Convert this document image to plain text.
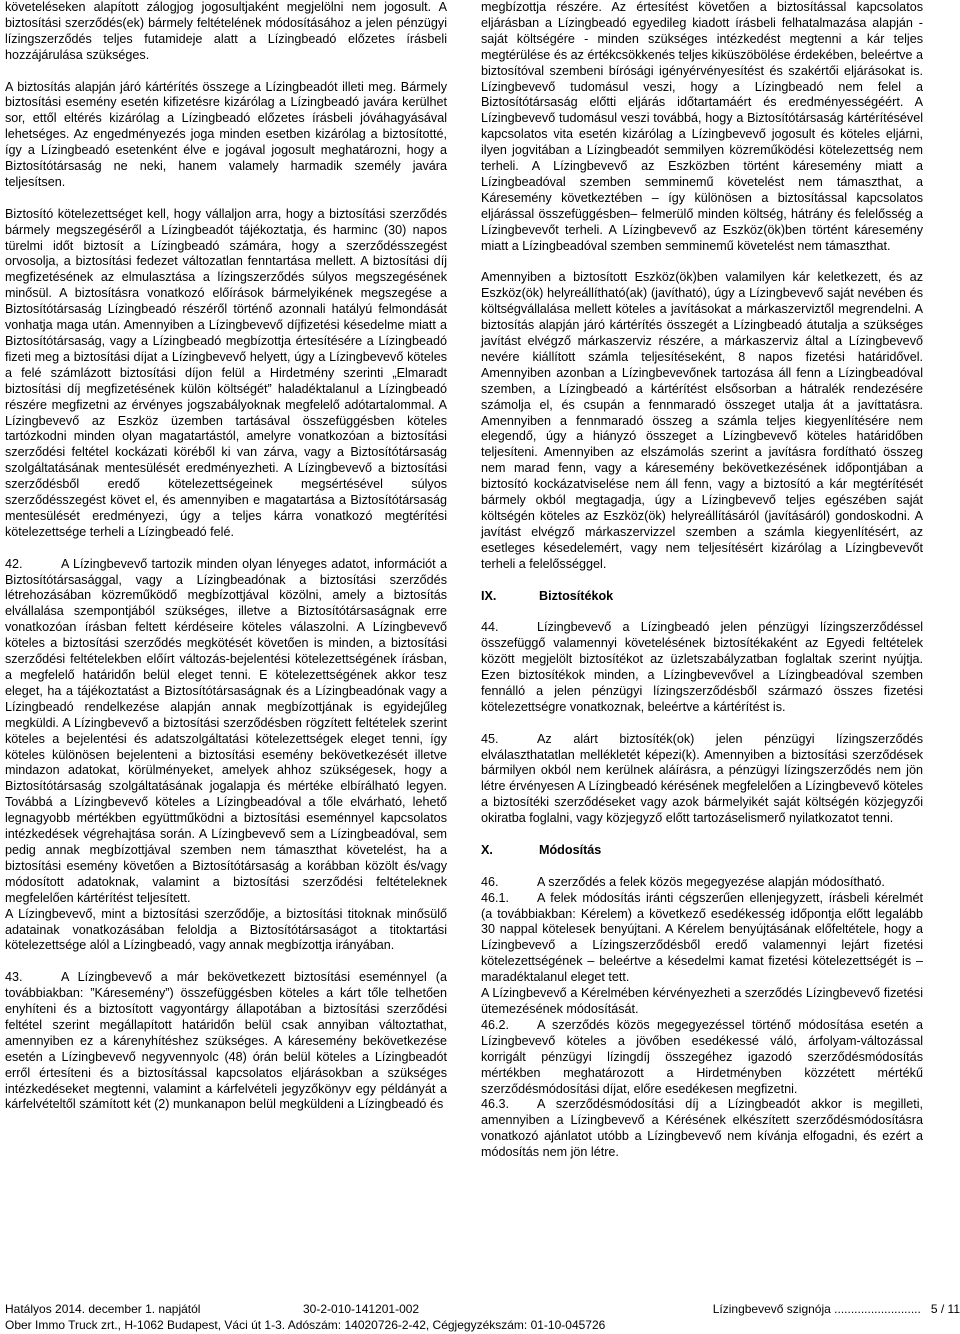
követeléseken alapított zálogjog jogosultjaként megjelölni nem jogosult. A biztosítási szerződés(ek) bármely feltételének módosításához a jelen pénzügyi lízingszerződés teljes futamideje alatt a Lízingbeadó előzetes írásbeli hozzájárulása szükséges.

A biztosítás alapján járó kártérítés összege a Lízingbeadót illeti meg. Bármely biztosítási esemény esetén kifizetésre kizárólag a Lízingbeadó javára kerülhet sor, ettől eltérés kizárólag a Lízingbeadó előzetes írásbeli jóváhagyásával lehetséges. Az engedményezés joga minden esetben kizárólag a biztosítotté, így a Lízingbeadó esetenként élve e jogával jogosult meghatározni, hogy a Biztosítótársaság ne neki, hanem valamely harmadik személy javára teljesítsen.

Biztosító kötelezettséget kell, hogy vállaljon arra, hogy a biztosítási szerződés bármely megszegéséről a Lízingbeadót tájékoztatja, és harminc (30) napos türelmi időt biztosít a Lízingbeadó számára, hogy a szerződésszegést orvosolja, a biztosítási fedezet változatlan fenntartása mellett. A biztosítási díj megfizetésének az elmulasztása a lízingszerződés súlyos megszegésének minősül. A biztosításra vonatkozó előírások bármelyikének megszegése a Biztosítótársaság Lízingbeadó részéről történő azonnali hatályú felmondását vonhatja maga után. Amennyiben a Lízingbevevő díjfizetési késedelme miatt a Biztosítótársaság, vagy a Lízingbeadó megbízottja értesítésére a Lízingbeadó fizeti meg a biztosítási díjat a Lízingbevevő helyett, úgy a Lízingbevevő köteles a felé számlázott biztosítási díjon felül a Hirdetmény szerinti „Elmaradt biztosítási díj megfizetésének külön költségét” haladéktalanul a Lízingbeadó részére megfizetni az érvényes jogszabályoknak megfelelő adótartalommal. A Lízingbevevő az Eszköz üzemben tartásával összefüggésben köteles tartózkodni minden olyan magatartástól, amelyre vonatkozóan a biztosítási szerződési feltétel kockázati köréből ki van zárva, vagy a Biztosítótársaság szolgáltatásának mentesülését eredményezheti. A Lízingbevevő a biztosítási szerződésből eredő kötelezettségeinek megsértésével súlyos szerződésszegést követ el, és amennyiben e magatartása a Biztosítótársaság mentesülését eredményezi, úgy a teljes kárra vonatkozó megtérítési kötelezettsége terheli a Lízingbeadó felé.

42.	A Lízingbevevő tartozik minden olyan lényeges adatot, információt a Biztosítótársasággal, vagy a Lízingbeadónak a biztosítási szerződés létrehozásában közreműködő megbízottjával közölni, amely a biztosítás elvállalása szempontjából szükséges, illetve a Biztosítótársaságnak erre vonatkozóan írásban feltett kérdéseire köteles válaszolni. A Lízingbevevő köteles a biztosítási szerződés megkötését követően is minden, a biztosítási szerződési feltételekben előírt változás-bejelentési kötelezettségének írásban, a megfelelő határidőn belül eleget tenni. E kötelezettségének akkor tesz eleget, ha a tájékoztatást a Biztosítótársaságnak és a Lízingbeadónak vagy a Lízingbeadó rendelkezése alapján annak megbízottjának is egyidejűleg megküldi. A Lízingbevevő a biztosítási szerződésben rögzített feltételek szerint köteles a bejelentési és adatszolgáltatási kötelezettségek eleget tenni, így köteles különösen bejelenteni a biztosítási esemény bekövetkezését illetve mindazon adatokat, körülményeket, amelyek ahhoz szükségesek, hogy a Biztosítótársaság szolgáltatásának jogalapja és mértéke elbírálható legyen. Továbbá a Lízingbevevő köteles a Lízingbeadóval a tőle elvárható, lehető legnagyobb mértékben együttműködni a biztosítási eseménnyel kapcsolatos intézkedések végrehajtása során. A Lízingbevevő sem a Lízingbeadóval, sem pedig annak megbízottjával szemben nem támaszthat követelést, ha a biztosítási esemény követően a Biztosítótársaság a korábban közölt és/vagy módosított adatoknak, valamint a biztosítási szerződési feltételeknek megfelelően kártérítést teljesített.

A Lízingbevevő, mint a biztosítási szerződője, a biztosítási titoknak minősülő adatainak vonatkozásában feloldja a Biztosítótársaságot a titoktartási kötelezettsége alól a Lízingbeadó, vagy annak megbízottja irányában.

43.	A Lízingbevevő a már bekövetkezett biztosítási eseménnyel (a továbbiakban: ”Káresemény”) összefüggésben köteles a kárt tőle telhetően enyhíteni és a biztosított vagyontárgy állapotában a biztosítási szerződési feltétel szerint megállapított határidőn belül csak annyiban változtathat, amennyiben ez a kárenyhítéshez szükséges. A káresemény bekövetkezése esetén a Lízingbevevő negyvennyolc (48) órán belül köteles a Lízingbeadót erről értesíteni és a biztosítással kapcsolatos eljárásokban a szükséges intézkedéseket megtenni, valamint a kárfelvételi jegyzőkönyv egy példányát a kárfelvételtől számított két (2) munkanapon belül megküldeni a Lízingbeadó és

megbízottja részére. Az értesítést követően a biztosítással kapcsolatos eljárásban a Lízingbeadó egyedileg kiadott írásbeli felhatalmazása alapján - saját költségére - minden szükséges intézkedést megtenni a kár teljes megtérülése és az értékcsökkenés teljes kiküszöbölése érdekében, beleértve a biztosítóval szembeni bírósági igényérvényesítést és szakértői eljárásokat is. Lízingbevevő tudomásul veszi, hogy a Lízingbeadó nem felel a Biztosítótársaság előtti eljárás időtartamáért és eredményességéért. A Lízingbevevő tudomásul veszi továbbá, hogy a Biztosítótársaság kártérítésével kapcsolatos vita esetén kizárólag a Lízingbevevő jogosult és köteles eljárni, ilyen jogvitában a Lízingbeadót semmilyen közreműködési kötelezettség nem terheli. A Lízingbevevő az Eszközben történt káresemény miatt a Lízingbeadóval szemben semminemű követelést nem támaszthat, a Káresemény következtében – így különösen a biztosítással kapcsolatos eljárással összefüggésben– felmerülő minden költség, hátrány és felelősség a Lízingbevevőt terheli. A Lízingbevevő az Eszköz(ök)ben történt káresemény miatt a Lízingbeadóval szemben semminemű követelést nem támaszthat.

Amennyiben a biztosított Eszköz(ök)ben valamilyen kár keletkezett, és az Eszköz(ök) helyreállítható(ak) (javítható), úgy a Lízingbevevő saját nevében és költségvállalása mellett köteles a javításokat a márkaszerviztől megrendelni. A biztosítás alapján járó kártérítés összegét a Lízingbeadó átutalja a szükséges javítást elvégző márkaszerviz részére, a márkaszerviz által a Lízingbevevő nevére kiállított számla teljesítéseként, 8 napos fizetési határidővel. Amennyiben azonban a Lízingbevevőnek tartozása áll fenn a Lízingbeadóval szemben, a Lízingbeadó a kártérítést elsősorban a hátralék rendezésére számolja el, és csupán a fennmaradó összeget utalja át a javíttatásra. Amennyiben a fennmaradó összeg a számla teljes kiegyenlítésére nem elegendő, úgy a hiányzó összeget a Lízingbevevő köteles határidőben teljesíteni. Amennyiben az elszámolás szerint a javításra fordítható összeg nem marad fenn, vagy a káresemény bekövetkezésének időpontjában a biztosító kockázatviselése nem áll fenn, vagy a biztosító a kár megtérítését bármely okból megtagadja, úgy a Lízingbevevő teljes egészében saját költségén köteles az Eszköz(ök) helyreállításáról (javításáról) gondoskodni. A javítást elvégző márkaszervizzel szemben a számla kiegyenlítésért, az esetleges késedelemért, vagy nem teljesítésért kizárólag a Lízingbevevőt terheli a felelősséggel.

IX.	Biztosítékok

44.	Lízingbevevő a Lízingbeadó jelen pénzügyi lízingszerződéssel összefüggő valamennyi követelésének biztosítékaként az Egyedi feltételek között megjelölt biztosítékot az üzletszabályzatban foglaltak szerint nyújtja. Ezen biztosítékok minden, a Lízingbevevővel a Lízingbeadóval szemben fennálló a jelen pénzügyi lízingszerződésből származó összes fizetési kötelezettségre vonatkoznak, beleértve a kártérítést is.

45.	Az alárt biztosíték(ok) jelen pénzügyi lízingszerződés elválaszthatatlan mellékletét képezi(k). Amennyiben a biztosítási szerződések bármilyen okból nem kerülnek aláírásra, a pénzügyi lízingszerződés nem jön létre érvényesen A Lízingbeadó kérésének megfelelően a Lízingbevevő köteles a biztosítéki szerződéseket vagy azok bármelyikét saját költségén közjegyzői okiratba foglalni, vagy közjegyző előtt tartozáselismerő nyilatkozatot tenni.

X.	Módosítás

46.	A szerződés a felek közös megegyezése alapján módosítható.

46.1. A felek módosítás iránti cégszerűen ellenjegyzett, írásbeli kérelmét (a továbbiakban: Kérelem) a következő esedékesség időpontja előtt legalább 30 nappal kötelesek benyújtani. A Kérelem benyújtásának előfeltétele, hogy a Lízingbevevő a Lízingszerződésből eredő valamennyi lejárt fizetési kötelezettségének – beleértve a késedelmi kamat fizetési kötelezettségét is – maradéktalanul eleget tett.

A Lízingbevevő a Kérelmében kérvényezheti a szerződés Lízingbevevő fizetési ütemezésének módosítását.

46.2. A szerződés közös megegyezéssel történő módosítása esetén a Lízingbevevő köteles a jövőben esedékessé váló, árfolyam-változással korrigált pénzügyi lízingdíj összegéhez igazodó szerződésmódosítás mértékben meghatározott a Hirdetményben közzétett mértékű szerződésmódosítási díjat, előre esedékesen megfizetni.

46.3. A szerződésmódosítási díj a Lízingbeadót akkor is megilleti, amennyiben a Lízingbevevő a Kérésének elkészített szerződésmódosításra vonatkozó ajánlatot utóbb a Lízingbevevő nem kívánja elfogadni, és ezért a módosítás nem jön létre.

Hatályos 2014. december 1. napjától	30-2-010-141201-002	Lízingbevevő szignója .......................... 5 / 11
Ober Immo Truck zrt., H-1062 Budapest, Váci út 1-3. Adószám: 14020726-2-42, Cégjegyzékszám: 01-10-045726
